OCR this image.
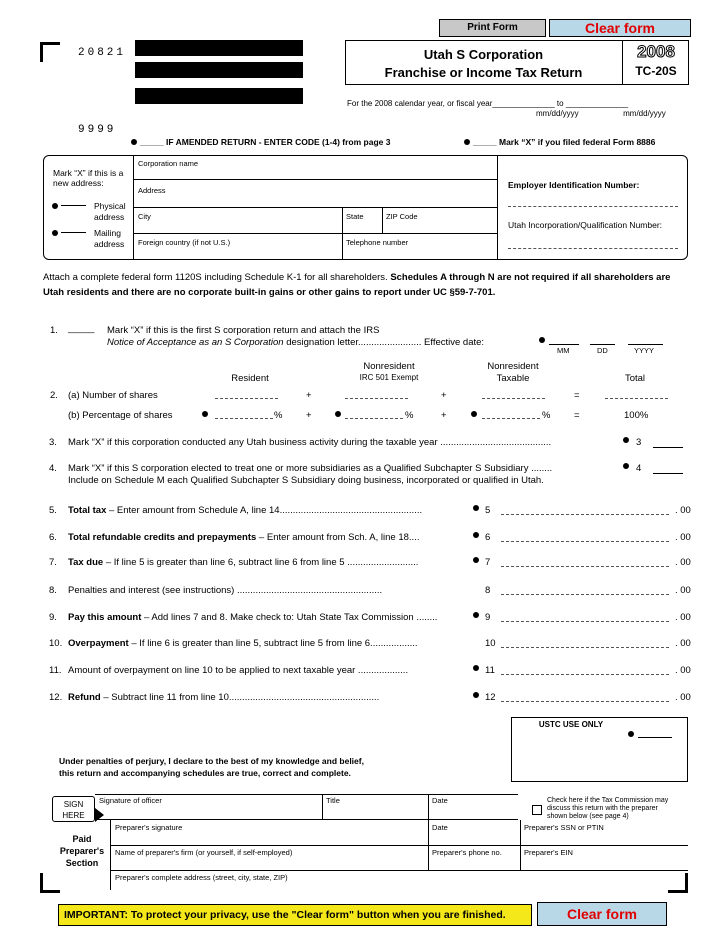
Print Form	Clear form
20821
9999
Utah S Corporation
Franchise or Income Tax Return
2008
TC-20S
For the 2008 calendar year, or fiscal year______________ to ______________
mm/dd/yyyy                    mm/dd/yyyy
_____ IF AMENDED RETURN - ENTER CODE (1-4) from page 3	_____ Mark “X” if you filed federal Form 8886
Mark “X” if this is a new address:
Physical
address
Mailing
address
Corporation name
Address
City	State	ZIP Code
Foreign country (if not U.S.)	Telephone number
Employer Identification Number:
Utah Incorporation/Qualification Number:
Attach a complete federal form 1120S including Schedule K-1 for all shareholders. Schedules A through N are not required if all shareholders are Utah residents and there are no corporate built-in gains or other gains to report under UC §59-7-701.
1. _____ Mark “X” if this is the first S corporation return and attach the IRS
Notice of Acceptance as an S Corporation designation letter........................ Effective date:
MM	DD	YYYY
Nonresident
IRC 501 Exempt
Nonresident
Taxable
Resident	Total
2. (a) Number of shares	+	+	=
(b) Percentage of shares	% +	%	+	% =	100%
3.	Mark “X” if this corporation conducted any Utah business activity during the taxable year ..........................................	3
4.	Mark “X” if this S corporation elected to treat one or more subsidiaries as a Qualified Subchapter S Subsidiary ........
Include on Schedule M each Qualified Subchapter S Subsidiary doing business, incorporated or qualified in Utah.
4
5.	Total tax – Enter amount from Schedule A, line 14......................................................	5	. 00
6.	Total refundable credits and prepayments – Enter amount from Sch. A, line 18....	6	. 00
7.	Tax due – If line 5 is greater than line 6, subtract line 6 from line 5 ...........................	7	. 00
8.	Penalties and interest (see instructions) .......................................................	8	. 00
9.	Pay this amount – Add lines 7 and 8. Make check to: Utah State Tax Commission ........	9	. 00
10. Overpayment – If line 6 is greater than line 5, subtract line 5 from line 6..................	10	. 00
11. Amount of overpayment on line 10 to be applied to next taxable year ...................	11	. 00
12. Refund – Subtract line 11 from line 10.........................................................	12	. 00
USTC USE ONLY
Under penalties of perjury, I declare to the best of my knowledge and belief,
this return and accompanying schedules are true, correct and complete.
SIGN
HERE
Signature of officer	Title	Date	Check here if the Tax Commission may discuss this return with the preparer shown below (see page 4)
Paid
Preparer's
Section
Preparer's signature	Date	Preparer's SSN or PTIN
Name of preparer's firm (or yourself, if self-employed)	Preparer's phone no.	Preparer's EIN
Preparer's complete address (street, city, state, ZIP)
IMPORTANT: To protect your privacy, use the "Clear form" button when you are finished.	Clear form
